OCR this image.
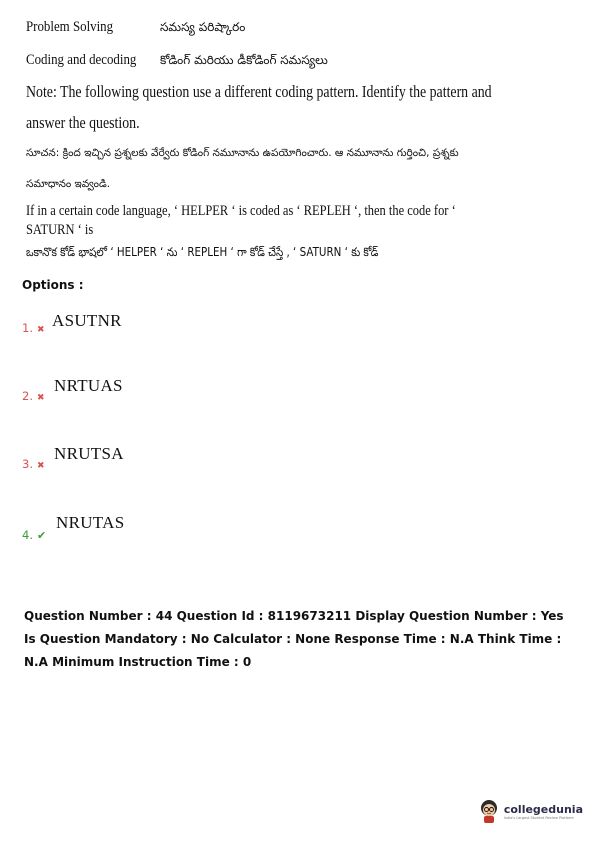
Problem Solving	సమస్య పరిష్కారం
Coding and decoding కోడింగ్ మరియు డీకోడింగ్ సమస్యలు
Note: The following question use a different coding pattern. Identify the pattern and
answer the question.
సూచన: క్రింద ఇచ్చిన ప్రశ్నలకు వేర్వేరు కోడింగ్ నమూనాను ఉపయోగించారు. ఆ నమూనాను గుర్తించి, ప్రశ్నకు
సమాధానం ఇవ్వండి.
If in a certain code language, ‘ HELPER ‘ is coded as ‘ REPLEH ‘, then the code for ‘
SATURN ‘ is
ఒకానొక కోడ్ భాషలో ‘ HELPER ‘ ను ‘ REPLEH ‘ గా కోడ్ చేస్తే , ‘ SATURN ‘ కు కోడ్
Options :
1. ✖ ASUTNR
2. ✖
NRTUAS
3. ✖
NRUTSA
4. ✔
NRUTAS
Question Number : 44 Question Id : 8119673211 Display Question Number : Yes Is Question Mandatory : No Calculator : None Response Time : N.A Think Time : N.A Minimum Instruction Time : 0
collegedunia
India's Largest Student Review Platform
